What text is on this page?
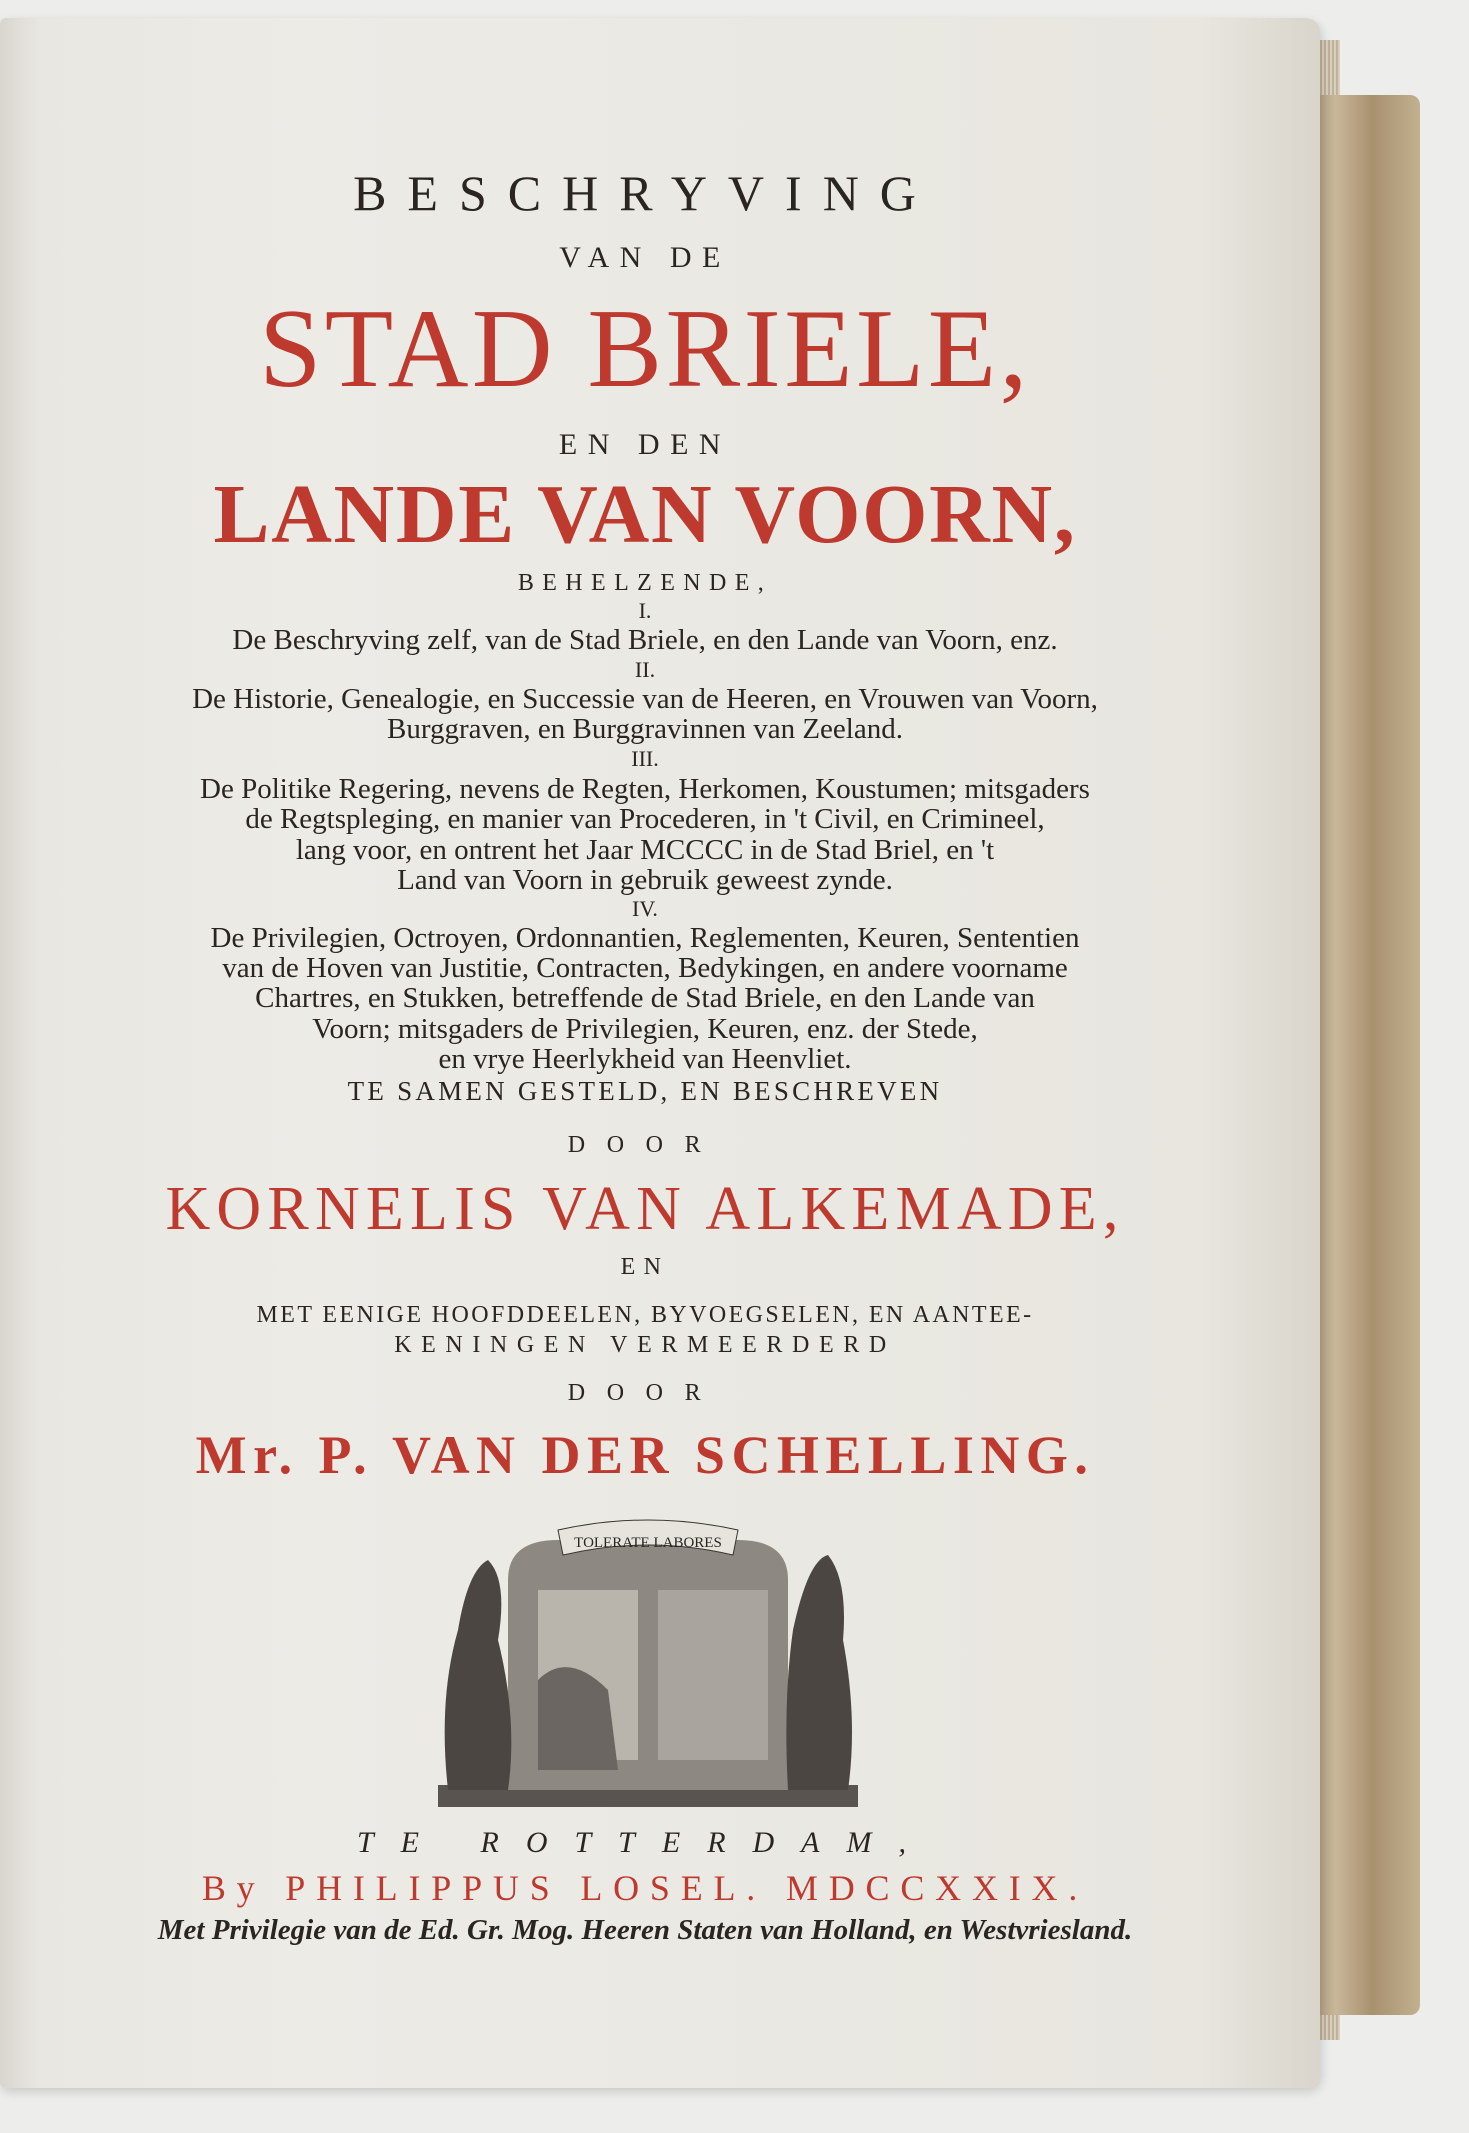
BESCHRYVING
VAN DE
STAD BRIELE,
EN DEN
LANDE VAN VOORN,
BEHELZENDE,
I.
De Beschryving zelf, van de Stad Briele, en den Lande van Voorn, enz.
II.
De Historie, Genealogie, en Successie van de Heeren, en Vrouwen van Voorn,
Burggraven, en Burggravinnen van Zeeland.
III.
De Politike Regering, nevens de Regten, Herkomen, Koustumen; mitsgaders
de Regtspleging, en manier van Procederen, in 't Civil, en Crimineel,
lang voor, en ontrent het Jaar MCCCC in de Stad Briel, en 't
Land van Voorn in gebruik geweest zynde.
IV.
De Privilegien, Octroyen, Ordonnantien, Reglementen, Keuren, Sententien
van de Hoven van Justitie, Contracten, Bedykingen, en andere voorname
Chartres, en Stukken, betreffende de Stad Briele, en den Lande van
Voorn; mitsgaders de Privilegien, Keuren, enz. der Stede,
en vrye Heerlykheid van Heenvliet.
TE SAMEN GESTELD, EN BESCHREVEN
DOOR
KORNELIS VAN ALKEMADE,
EN
MET EENIGE HOOFDDEELEN, BYVOEGSELEN, EN AANTEE-
KENINGEN VERMEERDERD
DOOR
Mr. P. VAN DER SCHELLING.
TOLERATE LABORES
TE ROTTERDAM,
By PHILIPPUS LOSEL. MDCCXXIX.
Met Privilegie van de Ed. Gr. Mog. Heeren Staten van Holland, en Westvriesland.
